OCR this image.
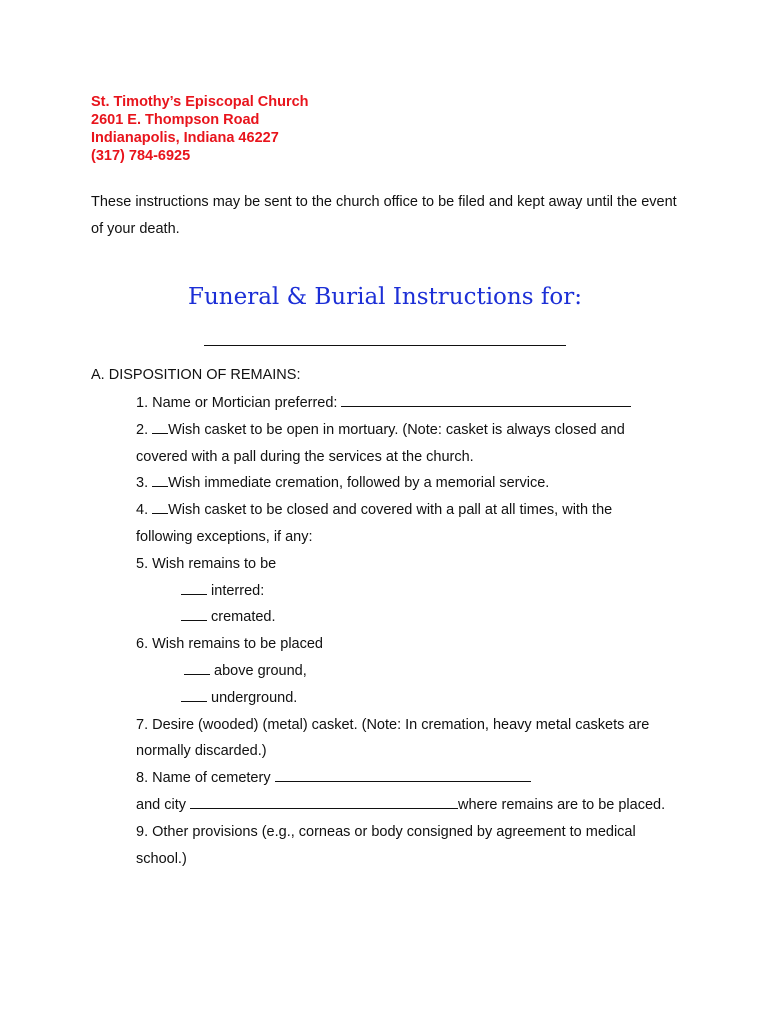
St. Timothy’s Episcopal Church
2601 E. Thompson Road
Indianapolis, Indiana 46227
(317) 784-6925
These instructions may be sent to the church office to be filed and kept away until the event of your death.
Funeral & Burial Instructions for:
A. DISPOSITION OF REMAINS:
1. Name or Mortician preferred:
2. Wish casket to be open in mortuary. (Note: casket is always closed and
covered with a pall during the services at the church.
3. Wish immediate cremation, followed by a memorial service.
4. Wish casket to be closed and covered with a pall at all times, with the
following exceptions, if any:
5. Wish remains to be
interred:
cremated.
6. Wish remains to be placed
above ground,
underground.
7. Desire (wooded) (metal) casket. (Note: In cremation, heavy metal caskets are
normally discarded.)
8. Name of cemetery
and city	where remains are to be placed.
9. Other provisions (e.g., corneas or body consigned by agreement to medical
school.)
